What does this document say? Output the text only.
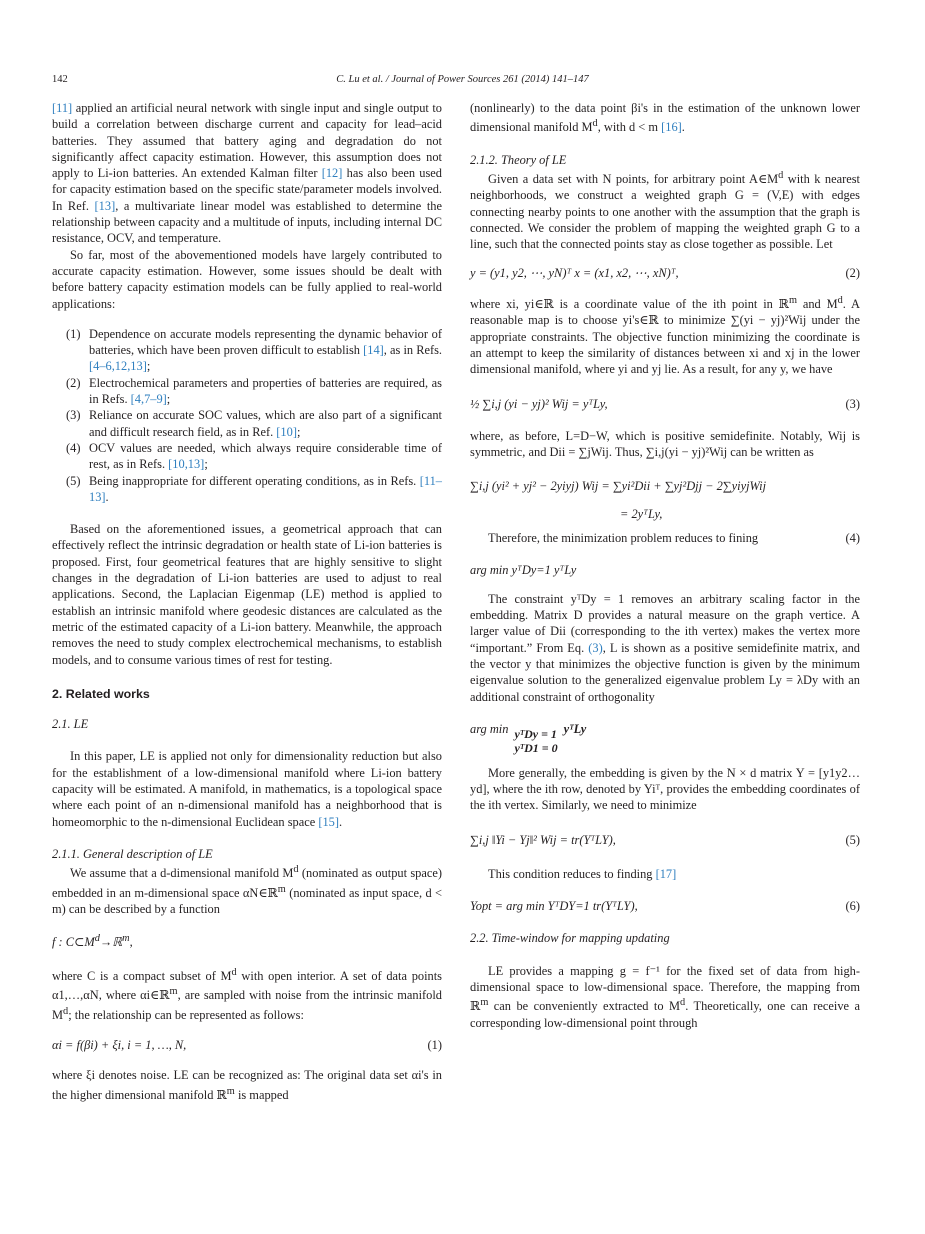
142	C. Lu et al. / Journal of Power Sources 261 (2014) 141–147

[11] applied an artificial neural network with single input and single output to build a correlation between discharge current and capacity for lead–acid batteries. They assumed that battery aging and degradation do not significantly affect capacity estimation. However, this assumption does not apply to Li-ion batteries. An extended Kalman filter [12] has also been used for capacity estimation based on the specific state/parameter models involved. In Ref. [13], a multivariate linear model was established to determine the relationship between capacity and a multitude of inputs, including internal DC resistance, OCV, and temperature.

So far, most of the abovementioned models have largely contributed to accurate capacity estimation. However, some issues should be dealt with before battery capacity estimation models can be fully applied to real-world applications:

(1) Dependence on accurate models representing the dynamic behavior of batteries, which have been proven difficult to establish [14], as in Refs. [4–6,12,13];
(2) Electrochemical parameters and properties of batteries are required, as in Refs. [4,7–9];
(3) Reliance on accurate SOC values, which are also part of a significant and difficult research field, as in Ref. [10];
(4) OCV values are needed, which always require considerable time of rest, as in Refs. [10,13];
(5) Being inappropriate for different operating conditions, as in Refs. [11–13].

Based on the aforementioned issues, a geometrical approach that can effectively reflect the intrinsic degradation or health state of Li-ion batteries is proposed. First, four geometrical features that are highly sensitive to slight changes in the degradation of Li-ion batteries are used to adjust to real applications. Second, the Laplacian Eigenmap (LE) method is applied to establish an intrinsic manifold where geodesic distances are calculated as the metric of the estimated capacity of a Li-ion battery. Meanwhile, the approach removes the need to study complex electrochemical mechanisms, to establish models, and to consume various times of rest for testing.

2. Related works
2.1. LE

In this paper, LE is applied not only for dimensionality reduction but also for the establishment of a low-dimensional manifold where Li-ion battery capacity will be estimated. A manifold, in mathematics, is a topological space where each point of an n-dimensional manifold has a neighborhood that is homeomorphic to the n-dimensional Euclidean space [15].

2.1.1. General description of LE

We assume that a d-dimensional manifold $M^d$ (nominated as output space) embedded in an m-dimensional space αN∈ℝ$^m$ (nominated as input space, d < m) can be described by a function

f : $C\subset M^d\to ℝ^m$,

where C is a compact subset of $M^d$ with open interior. A set of data points α1,…,αN, where αi∈ℝ$^m$, are sampled with noise from the intrinsic manifold $M^d$; the relationship can be represented as follows:

αi = f(βi) + ξi, i = 1, …, N,	(1)

where ξi denotes noise. LE can be recognized as: The original data set αi's in the higher dimensional manifold ℝ$^m$ is mapped

(nonlinearly) to the data point βi's in the estimation of the unknown lower dimensional manifold $M^d$, with d < m [16].

2.1.2. Theory of LE

Given a data set with N points, for arbitrary point $A\in M^d$ with k nearest neighborhoods, we construct a weighted graph G = (V,E) with edges connecting nearby points to one another with the assumption that the graph is connected. We consider the problem of mapping the weighted graph G to a line, such that the connected points stay as close together as possible. Let

y = (y1, y2, ⋯, yN)ᵀ x = (x1, x2, ⋯, xN)ᵀ,	(2)

where xi, yi∈ℝ is a coordinate value of the ith point in ℝ$^m$ and $M^d$. A reasonable map is to choose yi's∈ℝ to minimize ∑(yi − yj)²Wij under the appropriate constraints. The objective function minimizing the coordinate is an attempt to keep the similarity of distances between xi and xj in the lower dimensional manifold, where yi and yj lie. As a result, for any y, we have

½ ∑i,j (yi − yj)² Wij = yᵀLy,	(3)

where, as before, L=D−W, which is positive semidefinite. Notably, Wij is symmetric, and Dii = ∑jWij. Thus, ∑i,j(yi − yj)²Wij can be written as

∑i,j (yi² + yj² − 2yiyj) Wij = ∑yi²Dii + ∑yj²Djj − 2∑yiyjWij
= 2yᵀLy,
(4)

Therefore, the minimization problem reduces to fining

arg min yᵀDy=1 yᵀLy

The constraint yᵀDy = 1 removes an arbitrary scaling factor in the embedding. Matrix D provides a natural measure on the graph vertice. A larger value of Dii (corresponding to the ith vertex) makes the vertex more “important.” From Eq. (3), L is shown as a positive semidefinite matrix, and the vector y that minimizes the objective function is given by the minimum eigenvalue solution to the generalized eigenvalue problem Ly = λDy with an additional constraint of orthogonality

arg min yᵀDy = 1
yᵀD1 = 0
yᵀLy

More generally, the embedding is given by the N × d matrix Y = [y1y2…yd], where the ith row, denoted by Yiᵀ, provides the embedding coordinates of the ith vertex. Similarly, we need to minimize

∑i,j ‖Yi − Yj‖² Wij = tr(YᵀLY),	(5)

This condition reduces to finding [17]

Yopt = arg min YᵀDY=1 tr(YᵀLY),	(6)
2.2. Time-window for mapping updating

LE provides a mapping g = f⁻¹ for the fixed set of data from high-dimensional space to low-dimensional space. Therefore, the mapping from ℝ$^m$ can be conveniently extracted to $M^d$. Theoretically, one can receive a corresponding low-dimensional point through
